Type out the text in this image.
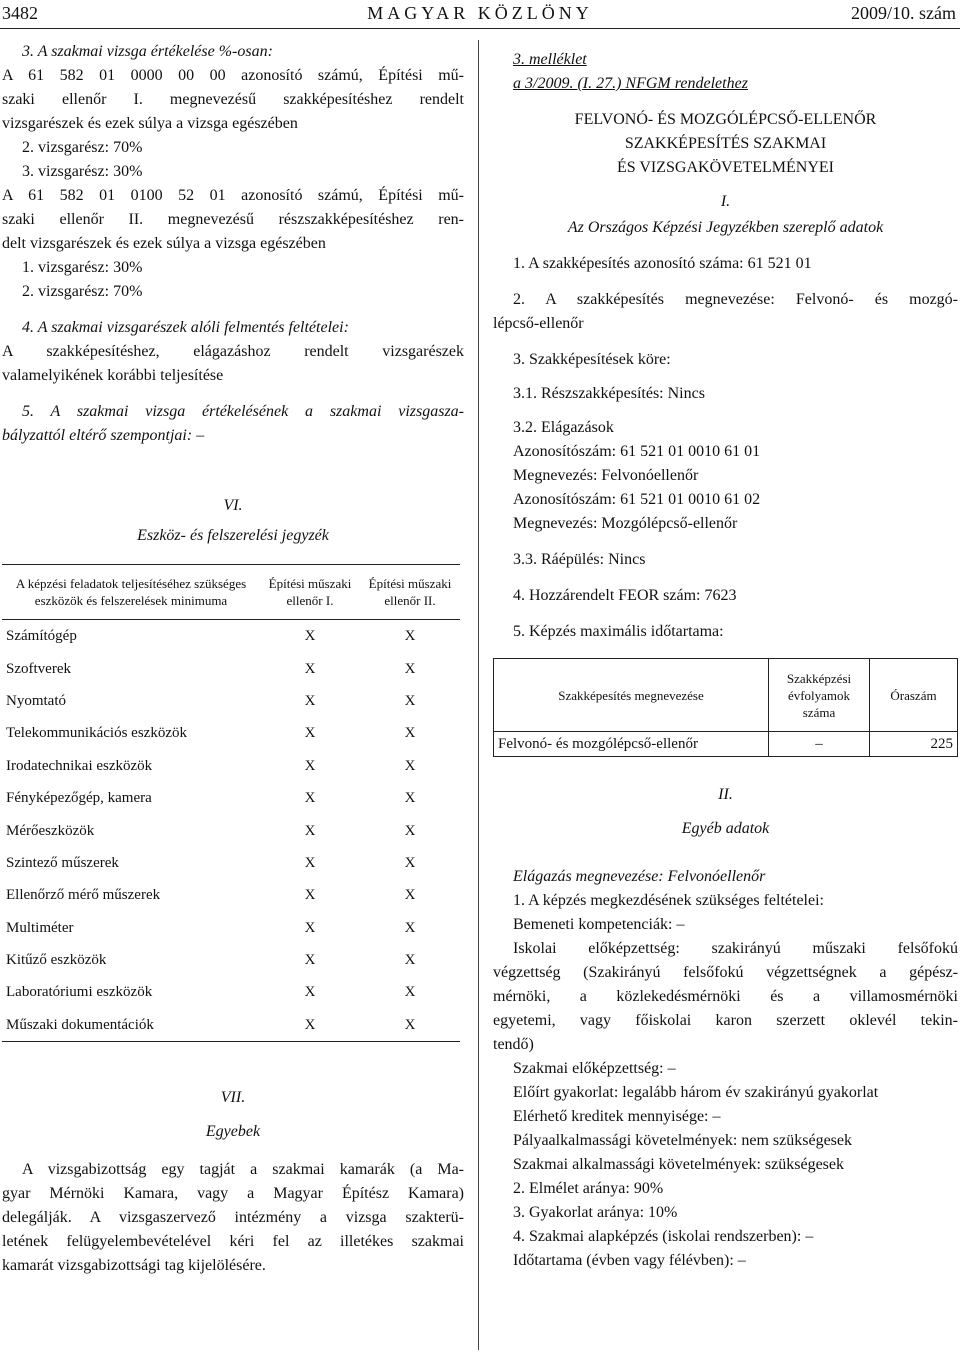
3482	MAGYAR KÖZLÖNY	2009/10. szám

3. A szakmai vizsga értékelése %-osan:

A 61 582 01 0000 00 00 azonosító számú, Építési mű-

szaki ellenőr I. megnevezésű szakképesítéshez rendelt

vizsgarészek és ezek súlya a vizsga egészében

2. vizsgarész: 70%

3. vizsgarész: 30%

A 61 582 01 0100 52 01 azonosító számú, Építési mű-

szaki ellenőr II. megnevezésű részszakképesítéshez ren-

delt vizsgarészek és ezek súlya a vizsga egészében

1. vizsgarész: 30%

2. vizsgarész: 70%

4. A szakmai vizsgarészek alóli felmentés feltételei:

A szakképesítéshez, elágazáshoz rendelt vizsgarészek

valamelyikének korábbi teljesítése

5. A szakmai vizsga értékelésének a szakmai vizsgasza-

bályzattól eltérő szempontjai: –

VI.

Eszköz- és felszerelési jegyzék

A képzési feladatok teljesítéséhez szükséges eszközök és felszerelések minimuma	Építési műszaki ellenőr I.	Építési műszaki ellenőr II.
Számítógép	X	X
Szoftverek	X	X
Nyomtató	X	X
Telekommunikációs eszközök	X	X
Irodatechnikai eszközök	X	X
Fényképezőgép, kamera	X	X
Mérőeszközök	X	X
Szintező műszerek	X	X
Ellenőrző mérő műszerek	X	X
Multiméter	X	X
Kitűző eszközök	X	X
Laboratóriumi eszközök	X	X
Műszaki dokumentációk	X	X

VII.

Egyebek

A vizsgabizottság egy tagját a szakmai kamarák (a Ma-

gyar Mérnöki Kamara, vagy a Magyar Építész Kamara)

delegálják. A vizsgaszervező intézmény a vizsga szakterü-

letének felügyelembevételével kéri fel az illetékes szakmai

kamarát vizsgabizottsági tag kijelölésére.

3. melléklet

a 3/2009. (I. 27.) NFGM rendelethez

FELVONÓ- ÉS MOZGÓLÉPCSŐ-ELLENŐR

SZAKKÉPESÍTÉS SZAKMAI

ÉS VIZSGAKÖVETELMÉNYEI

I.

Az Országos Képzési Jegyzékben szereplő adatok

1. A szakképesítés azonosító száma: 61 521 01

2. A szakképesítés megnevezése: Felvonó- és mozgó-

lépcső-ellenőr

3. Szakképesítések köre:

3.1. Részszakképesítés: Nincs

3.2. Elágazások

Azonosítószám: 61 521 01 0010 61 01

Megnevezés: Felvonóellenőr

Azonosítószám: 61 521 01 0010 61 02

Megnevezés: Mozgólépcső-ellenőr

3.3. Ráépülés: Nincs

4. Hozzárendelt FEOR szám: 7623

5. Képzés maximális időtartama:

Szakképesítés megnevezése	Szakképzési évfolyamok száma	Óraszám
Felvonó- és mozgólépcső-ellenőr	–	225

II.

Egyéb adatok

Elágazás megnevezése: Felvonóellenőr

1. A képzés megkezdésének szükséges feltételei:

Bemeneti kompetenciák: –

Iskolai előképzettség: szakirányú műszaki felsőfokú

végzettség (Szakirányú felsőfokú végzettségnek a gépész-

mérnöki, a közlekedésmérnöki és a villamosmérnöki

egyetemi, vagy főiskolai karon szerzett oklevél tekin-

tendő)

Szakmai előképzettség: –

Előírt gyakorlat: legalább három év szakirányú gyakorlat

Elérhető kreditek mennyisége: –

Pályaalkalmassági követelmények: nem szükségesek

Szakmai alkalmassági követelmények: szükségesek

2. Elmélet aránya: 90%

3. Gyakorlat aránya: 10%

4. Szakmai alapképzés (iskolai rendszerben): –

Időtartama (évben vagy félévben): –
